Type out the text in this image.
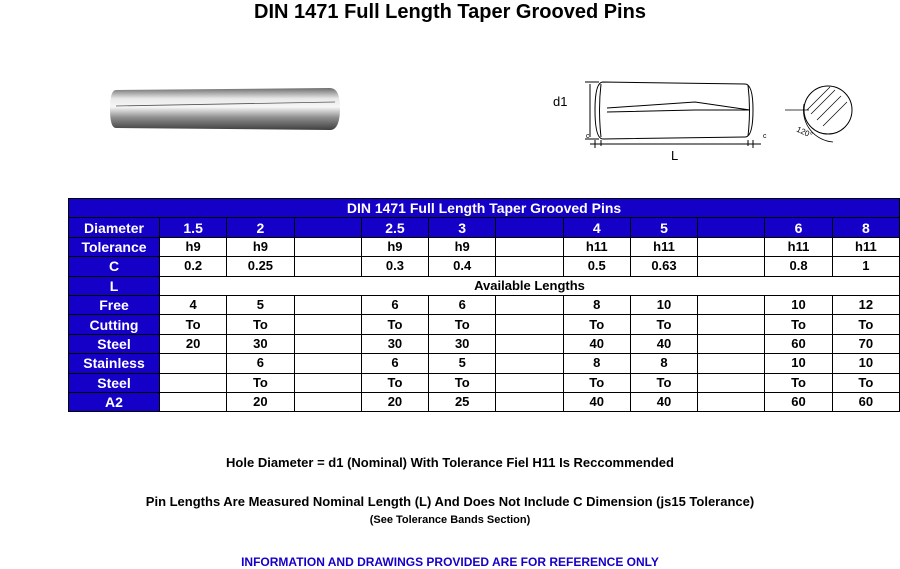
DIN 1471 Full Length Taper Grooved Pins
d1
c	c
L
120°
DIN 1471 Full Length Taper Grooved Pins											
Diameter	1.5	2		2.5	3		4	5		6	8
Tolerance	h9	h9		h9	h9		h11	h11		h11	h11
C	0.2	0.25		0.3	0.4		0.5	0.63		0.8	1
L	Available Lengths										
Free	4	5		6	6		8	10		10	12
Cutting	To	To		To	To		To	To		To	To
Steel	20	30		30	30		40	40		60	70
Stainless		6		6	5		8	8		10	10
Steel		To		To	To		To	To		To	To
A2		20		20	25		40	40		60	60
Hole Diameter = d1 (Nominal) With Tolerance Fiel H11 Is Reccommended
Pin Lengths Are Measured Nominal Length (L) And Does Not Include C Dimension (js15 Tolerance)
(See Tolerance Bands Section)
INFORMATION AND DRAWINGS PROVIDED ARE FOR REFERENCE ONLY
